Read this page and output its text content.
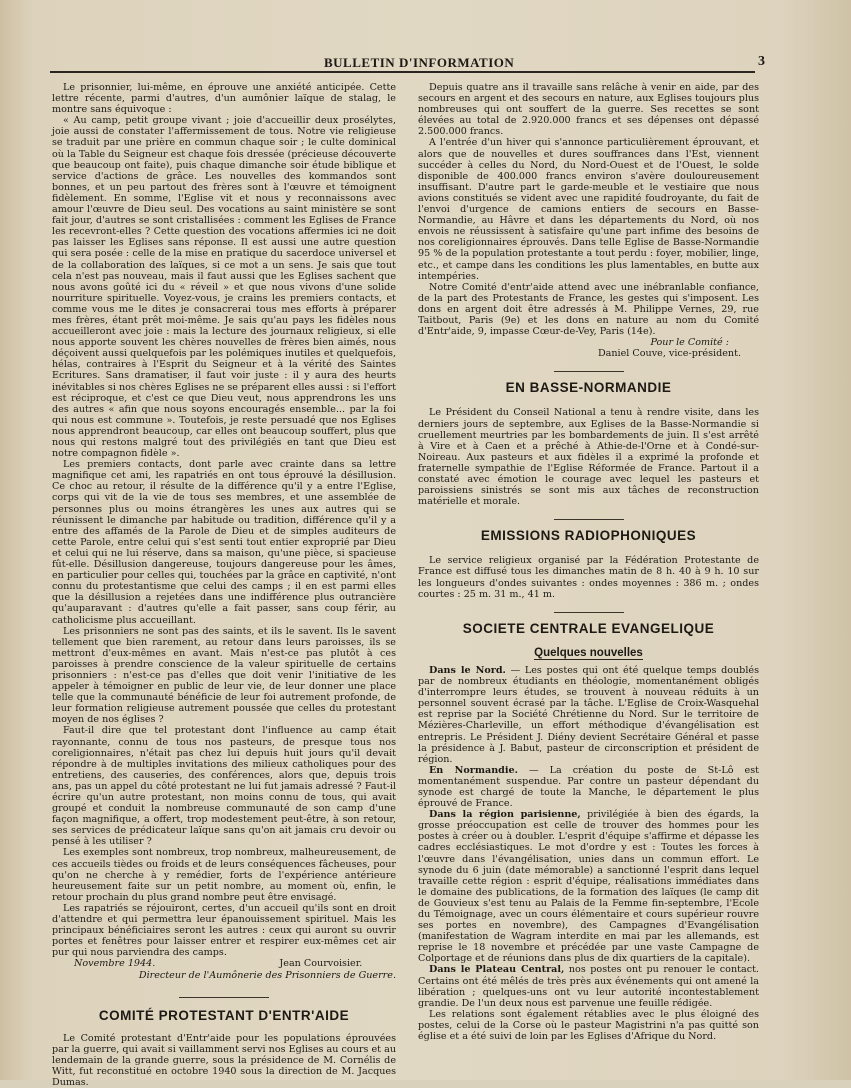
BULLETIN D'INFORMATION	3

Le prisonnier, lui-même, en éprouve une anxiété anticipée. Cette lettre récente, parmi d'autres, d'un aumônier laïque de stalag, le montre sans équivoque :

« Au camp, petit groupe vivant ; joie d'accueillir deux prosélytes, joie aussi de constater l'affermissement de tous. Notre vie religieuse se traduit par une prière en commun chaque soir ; le culte dominical où la Table du Seigneur est chaque fois dressée (précieuse découverte que beaucoup ont faite), puis chaque dimanche soir étude biblique et service d'actions de grâce. Les nouvelles des kommandos sont bonnes, et un peu partout des frères sont à l'œuvre et témoignent fidèlement. En somme, l'Eglise vit et nous y reconnaissons avec amour l'œuvre de Dieu seul. Des vocations au saint ministère se sont fait jour, d'autres se sont cristallisées : comment les Eglises de France les recevront-elles ? Cette question des vocations affermies ici ne doit pas laisser les Eglises sans réponse. Il est aussi une autre question qui sera posée : celle de la mise en pratique du sacerdoce universel et de la collaboration des laïques, si ce mot a un sens. Je sais que tout cela n'est pas nouveau, mais il faut aussi que les Eglises sachent que nous avons goûté ici du « réveil » et que nous vivons d'une solide nourriture spirituelle. Voyez-vous, je crains les premiers contacts, et comme vous me le dites je consacrerai tous mes efforts à préparer mes frères, étant prêt moi-même. Je sais qu'au pays les fidèles nous accueilleront avec joie : mais la lecture des journaux religieux, si elle nous apporte souvent les chères nouvelles de frères bien aimés, nous déçoivent aussi quelquefois par les polémiques inutiles et quelquefois, hélas, contraires à l'Esprit du Seigneur et à la vérité des Saintes Ecritures. Sans dramatiser, il faut voir juste : il y aura des heurts inévitables si nos chères Eglises ne se préparent elles aussi : si l'effort est réciproque, et c'est ce que Dieu veut, nous apprendrons les uns des autres « afin que nous soyons encouragés ensemble... par la foi qui nous est commune ». Toutefois, je reste persuadé que nos Eglises nous apprendront beaucoup, car elles ont beaucoup souffert, plus que nous qui restons malgré tout des privilégiés en tant que Dieu est notre compagnon fidèle ».

Les premiers contacts, dont parle avec crainte dans sa lettre magnifique cet ami, les rapatriés en ont tous éprouvé la désillusion. Ce choc au retour, il résulte de la différence qu'il y a entre l'Eglise, corps qui vit de la vie de tous ses membres, et une assemblée de personnes plus ou moins étrangères les unes aux autres qui se réunissent le dimanche par habitude ou tradition, différence qu'il y a entre des affamés de la Parole de Dieu et de simples auditeurs de cette Parole, entre celui qui s'est senti tout entier exproprié par Dieu et celui qui ne lui réserve, dans sa maison, qu'une pièce, si spacieuse fût-elle. Désillusion dangereuse, toujours dangereuse pour les âmes, en particulier pour celles qui, touchées par la grâce en captivité, n'ont connu du protestantisme que celui des camps ; il en est parmi elles que la désillusion a rejetées dans une indifférence plus outrancière qu'auparavant : d'autres qu'elle a fait passer, sans coup férir, au catholicisme plus accueillant.

Les prisonniers ne sont pas des saints, et ils le savent. Ils le savent tellement que bien rarement, au retour dans leurs paroisses, ils se mettront d'eux-mêmes en avant. Mais n'est-ce pas plutôt à ces paroisses à prendre conscience de la valeur spirituelle de certains prisonniers : n'est-ce pas d'elles que doit venir l'initiative de les appeler à témoigner en public de leur vie, de leur donner une place telle que la communauté bénéficie de leur foi autrement profonde, de leur formation religieuse autrement poussée que celles du protestant moyen de nos églises ?

Faut-il dire que tel protestant dont l'influence au camp était rayonnante, connu de tous nos pasteurs, de presque tous nos coreligionnaires, n'était pas chez lui depuis huit jours qu'il devait répondre à de multiples invitations des milieux catholiques pour des entretiens, des causeries, des conférences, alors que, depuis trois ans, pas un appel du côté protestant ne lui fut jamais adressé ? Faut-il écrire qu'un autre protestant, non moins connu de tous, qui avait groupé et conduit la nombreuse communauté de son camp d'une façon magnifique, a offert, trop modestement peut-être, à son retour, ses services de prédicateur laïque sans qu'on ait jamais cru devoir ou pensé à les utiliser ?

Les exemples sont nombreux, trop nombreux, malheureusement, de ces accueils tièdes ou froids et de leurs conséquences fâcheuses, pour qu'on ne cherche à y remédier, forts de l'expérience antérieure heureusement faite sur un petit nombre, au moment où, enfin, le retour prochain du plus grand nombre peut être envisagé.

Les rapatriés se réjouiront, certes, d'un accueil qu'ils sont en droit d'attendre et qui permettra leur épanouissement spirituel. Mais les principaux bénéficiaires seront les autres : ceux qui auront su ouvrir portes et fenêtres pour laisser entrer et respirer eux-mêmes cet air pur qui nous parviendra des camps.

Novembre 1944.	Jean Courvoisier.

Directeur de l'Aumônerie des Prisonniers de Guerre.

COMITÉ PROTESTANT D'ENTR'AIDE

Le Comité protestant d'Entr'aide pour les populations éprouvées par la guerre, qui avait si vaillamment servi nos Eglises au cours et au lendemain de la grande guerre, sous la présidence de M. Cornélis de Witt, fut reconstitué en octobre 1940 sous la direction de M. Jacques Dumas.

Depuis quatre ans il travaille sans relâche à venir en aide, par des secours en argent et des secours en nature, aux Eglises toujours plus nombreuses qui ont souffert de la guerre. Ses recettes se sont élevées au total de 2.920.000 francs et ses dépenses ont dépassé 2.500.000 francs.

A l'entrée d'un hiver qui s'annonce particulièrement éprouvant, et alors que de nouvelles et dures souffrances dans l'Est, viennent succéder à celles du Nord, du Nord-Ouest et de l'Ouest, le solde disponible de 400.000 francs environ s'avère douloureusement insuffisant. D'autre part le garde-meuble et le vestiaire que nous avions constitués se vident avec une rapidité foudroyante, du fait de l'envoi d'urgence de camions entiers de secours en Basse-Normandie, au Hâvre et dans les départements du Nord, où nos envois ne réussissent à satisfaire qu'une part infime des besoins de nos coreligionnaires éprouvés. Dans telle Eglise de Basse-Normandie 95 % de la population protestante a tout perdu : foyer, mobilier, linge, etc., et campe dans les conditions les plus lamentables, en butte aux intempéries.

Notre Comité d'entr'aide attend avec une inébranlable confiance, de la part des Protestants de France, les gestes qui s'imposent. Les dons en argent doit être adressés à M. Philippe Vernes, 29, rue Taitbout, Paris (9e) et les dons en nature au nom du Comité d'Entr'aide, 9, impasse Cœur-de-Vey, Paris (14e).

Pour le Comité :

Daniel Couve, vice-président.

EN BASSE-NORMANDIE

Le Président du Conseil National a tenu à rendre visite, dans les derniers jours de septembre, aux Eglises de la Basse-Normandie si cruellement meurtries par les bombardements de juin. Il s'est arrêté à Vire et à Caen et a prêché à Athie-de-l'Orne et à Condé-sur-Noireau. Aux pasteurs et aux fidèles il a exprimé la profonde et fraternelle sympathie de l'Eglise Réformée de France. Partout il a constaté avec émotion le courage avec lequel les pasteurs et paroissiens sinistrés se sont mis aux tâches de reconstruction matérielle et morale.

EMISSIONS RADIOPHONIQUES

Le service religieux organisé par la Fédération Protestante de France est diffusé tous les dimanches matin de 8 h. 40 à 9 h. 10 sur les longueurs d'ondes suivantes : ondes moyennes : 386 m. ; ondes courtes : 25 m. 31 m., 41 m.

SOCIETE CENTRALE EVANGELIQUE
Quelques nouvelles

Dans le Nord. — Les postes qui ont été quelque temps doublés par de nombreux étudiants en théologie, momentanément obligés d'interrompre leurs études, se trouvent à nouveau réduits à un personnel souvent écrasé par la tâche. L'Eglise de Croix-Wasquehal est reprise par la Société Chrétienne du Nord. Sur le territoire de Mézières-Charleville, un effort méthodique d'évangélisation est entrepris. Le Président J. Diény devient Secrétaire Général et passe la présidence à J. Babut, pasteur de circonscription et président de région.

En Normandie. — La création du poste de St-Lô est momentanément suspendue. Par contre un pasteur dépendant du synode est chargé de toute la Manche, le département le plus éprouvé de France.

Dans la région parisienne, privilégiée à bien des égards, la grosse préoccupation est celle de trouver des hommes pour les postes à créer ou à doubler. L'esprit d'équipe s'affirme et dépasse les cadres ecclésiastiques. Le mot d'ordre y est : Toutes les forces à l'œuvre dans l'évangélisation, unies dans un commun effort. Le synode du 6 juin (date mémorable) a sanctionné l'esprit dans lequel travaille cette région : esprit d'équipe, réalisations immédiates dans le domaine des publications, de la formation des laïques (le camp dit de Gouvieux s'est tenu au Palais de la Femme fin-septembre, l'Ecole du Témoignage, avec un cours élémentaire et cours supérieur rouvre ses portes en novembre), des Campagnes d'Evangélisation (manifestation de Wagram interdite en mai par les allemands, est reprise le 18 novembre et précédée par une vaste Campagne de Colportage et de réunions dans plus de dix quartiers de la capitale).

Dans le Plateau Central, nos postes ont pu renouer le contact. Certains ont été mêlés de très près aux événements qui ont amené la libération ; quelques-uns ont vu leur autorité incontestablement grandie. De l'un deux nous est parvenue une feuille rédigée.

Les relations sont également rétablies avec le plus éloigné des postes, celui de la Corse où le pasteur Magistrini n'a pas quitté son église et a été suivi de loin par les Eglises d'Afrique du Nord.
